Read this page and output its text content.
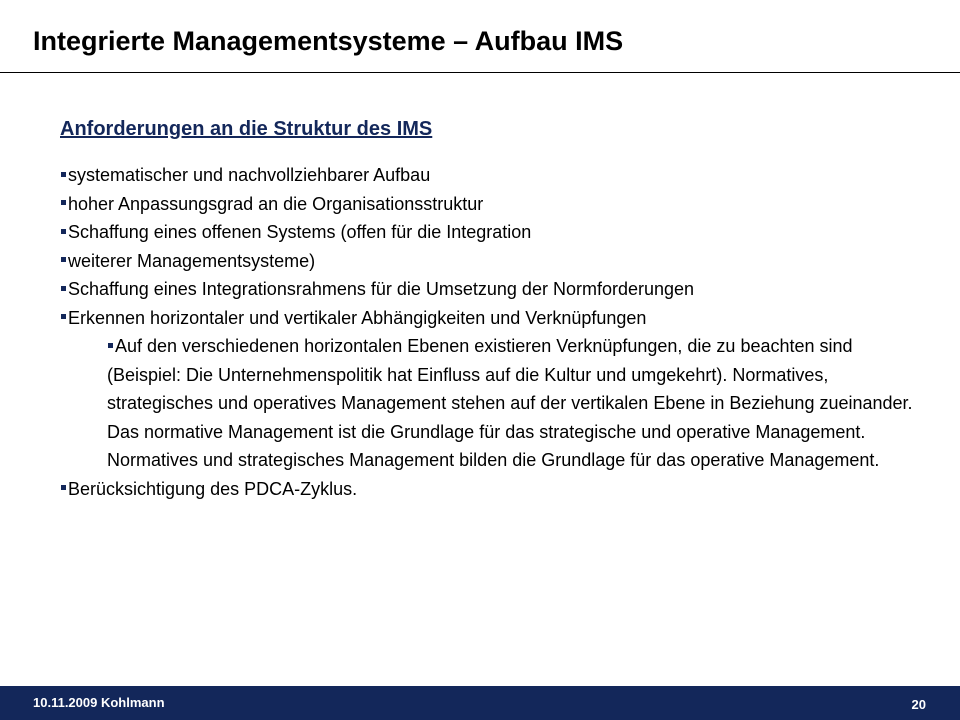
Integrierte Managementsysteme – Aufbau IMS
Anforderungen an die Struktur des IMS
systematischer und nachvollziehbarer Aufbau
hoher Anpassungsgrad an die Organisationsstruktur
Schaffung eines offenen Systems (offen für die Integration
weiterer Managementsysteme)
Schaffung eines Integrationsrahmens für die Umsetzung der Normforderungen
Erkennen horizontaler und vertikaler Abhängigkeiten und Verknüpfungen
Auf den verschiedenen horizontalen Ebenen existieren Verknüpfungen, die zu beachten sind (Beispiel: Die Unternehmenspolitik hat Einfluss auf die Kultur und umgekehrt). Normatives, strategisches und operatives Management stehen auf der vertikalen Ebene in Beziehung zueinander. Das normative Management ist die Grundlage für das strategische und operative Management. Normatives und strategisches Management bilden die Grundlage für das operative Management.
Berücksichtigung des PDCA-Zyklus.
10.11.2009 Kohlmann	20
